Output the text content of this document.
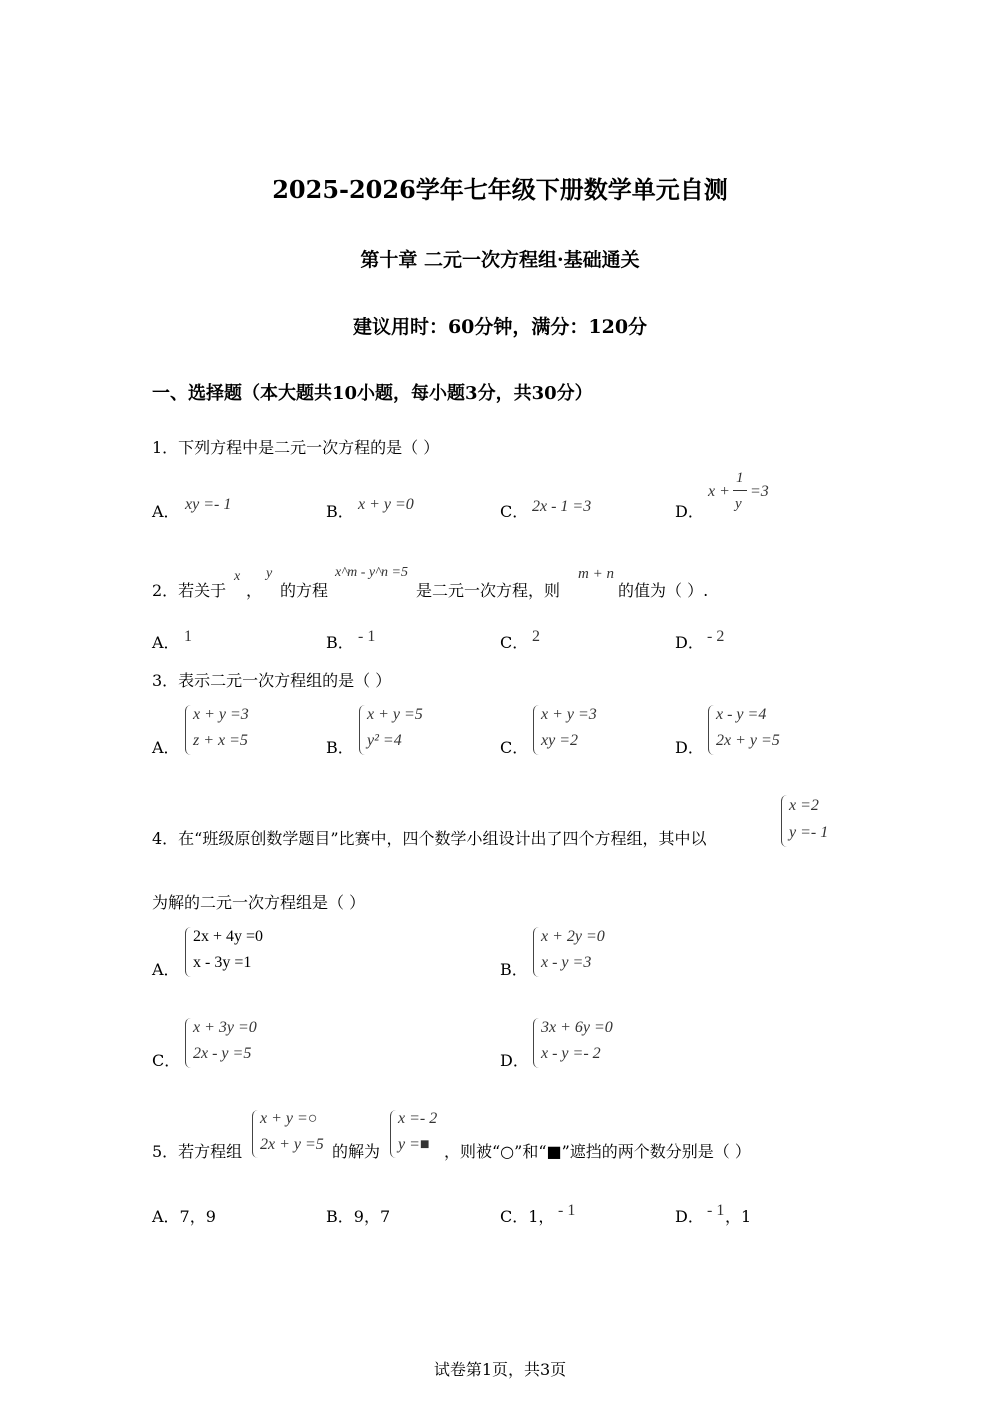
2025-2026学年七年级下册数学单元自测
第十章 二元一次方程组·基础通关
建议用时：60分钟，满分：120分
一、选择题（本大题共10小题，每小题3分，共30分）
1．下列方程中是二元一次方程的是（ ）
A． xy =- 1	B． x + y =0	C． 2x - 1 =3	D．
x +
1
y
=3
2．若关于
x
，
y
的方程
x^m - y^n =5
是二元一次方程，则
m + n
的值为（ ）.
A． 1	B． - 1	C． 2	D． - 2
3．表示二元一次方程组的是（ ）
A．
x + y =3
z + x =5	B．
x + y =5
y² =4	C．
x + y =3
xy =2	D．
x - y =4
2x + y =5
4．在“班级原创数学题目”比赛中，四个数学小组设计出了四个方程组，其中以
x =2
y =- 1
为解的二元一次方程组是（ ）
A．
2x + 4y =0
x - 3y =1	B．
x + 2y =0
x - y =3
C．
x + 3y =0
2x - y =5	D．
3x + 6y =0
x - y =- 2
5．若方程组
x + y =○
2x + y =5 的解为
x =- 2
y =■ ，则被“○”和“■”遮挡的两个数分别是（ ）
A．7，9	B．9，7	C．1， - 1	D． - 1 ，1
试卷第1页，共3页
